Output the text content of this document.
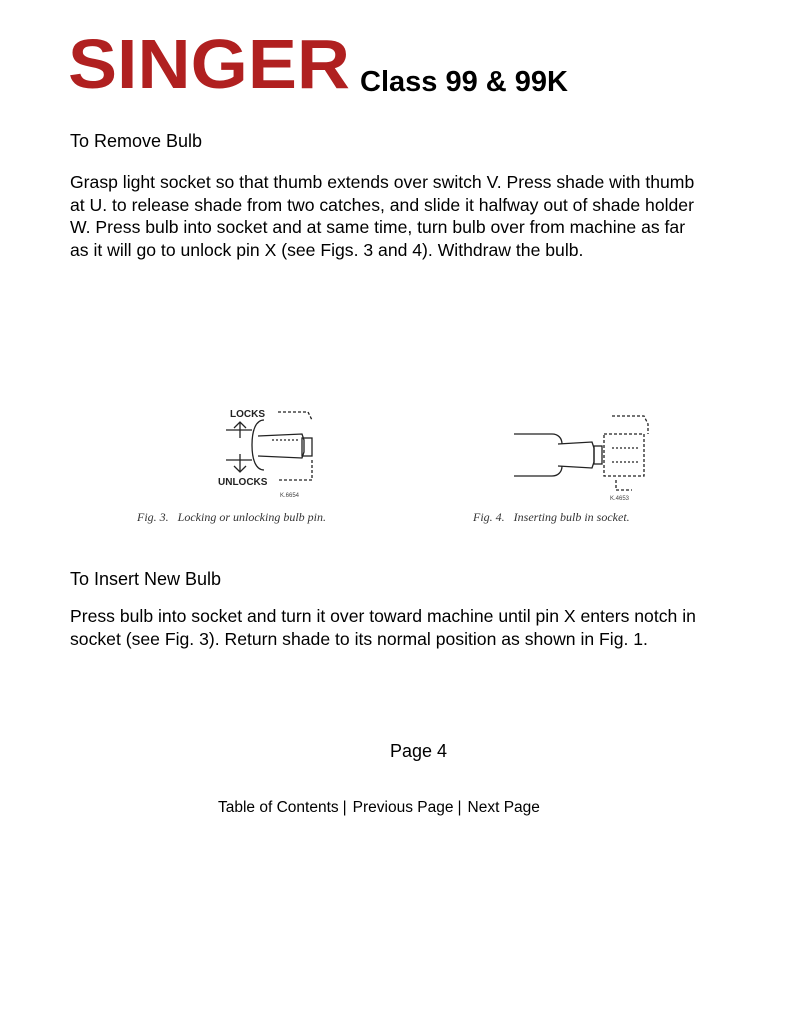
SINGER Class 99 & 99K
To Remove Bulb
Grasp light socket so that thumb extends over switch V. Press shade with thumb
at U. to release shade from two catches, and slide it halfway out of shade holder
W. Press bulb into socket and at same time, turn bulb over from machine as far
as it will go to unlock pin X (see Figs. 3 and 4). Withdraw the bulb.
LOCKS
UNLOCKS
K.6654
Fig. 3. Locking or unlocking bulb pin.
K.4653
Fig. 4. Inserting bulb in socket.
To Insert New Bulb
Press bulb into socket and turn it over toward machine until pin X enters notch in
socket (see Fig. 3). Return shade to its normal position as shown in Fig. 1.
Page 4
Table of Contents | Previous Page | Next Page
